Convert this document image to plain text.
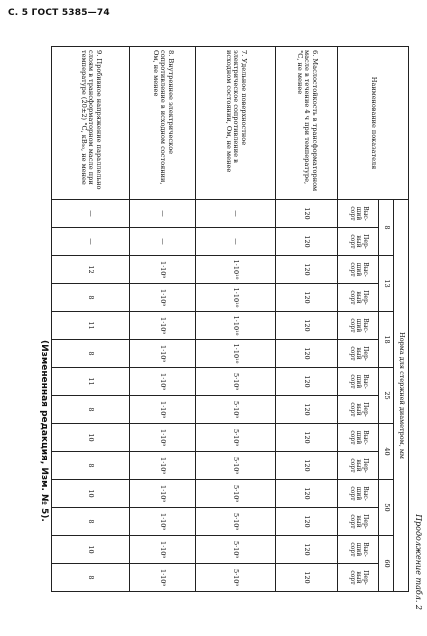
С. 5 ГОСТ 5385—74
Продолжение табл. 2
Наименование показателя	Норма для стержней диаметром, мм													
	8		13		18		25		40		50		60	
	Выс-ший сорт	Пер-вый сорт	Выс-ший сорт	Пер-вый сорт	Выс-ший сорт	Пер-вый сорт	Выс-ший сорт	Пер-вый сорт	Выс-ший сорт	Пер-вый сорт	Выс-ший сорт	Пер-вый сорт	Выс-ший сорт	Пер-вый сорт
6. Маслостойкость в трансформаторном масле в течение 4 ч при температуре, °С, не менее	120	120	120	120	120	120	120	120	120	120	120	120	120	120
7. Удельное поверхностное электрическое сопротивление в исходном состоянии, Ом, не менее	—	—	1·10¹⁰	1·10¹⁰	1·10¹⁰	1·10¹⁰	5·10⁹	5·10⁹	5·10⁹	5·10⁹	5·10⁹	5·10⁹	5·10⁹	5·10⁹
8. Внутреннее электрическое сопротивление в исходном состоянии, Ом, не менее	—	—	1·10⁹	1·10⁹	1·10⁹	1·10⁹	1·10⁹	1·10⁹	1·10⁹	1·10⁹	1·10⁹	1·10⁹	1·10⁹	1·10⁹
9. Пробивное напряжение параллельно слоям в трансформаторном масле при температуре (20±2) °С, кВ₅₀, не менее	—	—	12	8	11	8	11	8	10	8	10	8	10	8
(Измененная редакция, Изм. № 5).
